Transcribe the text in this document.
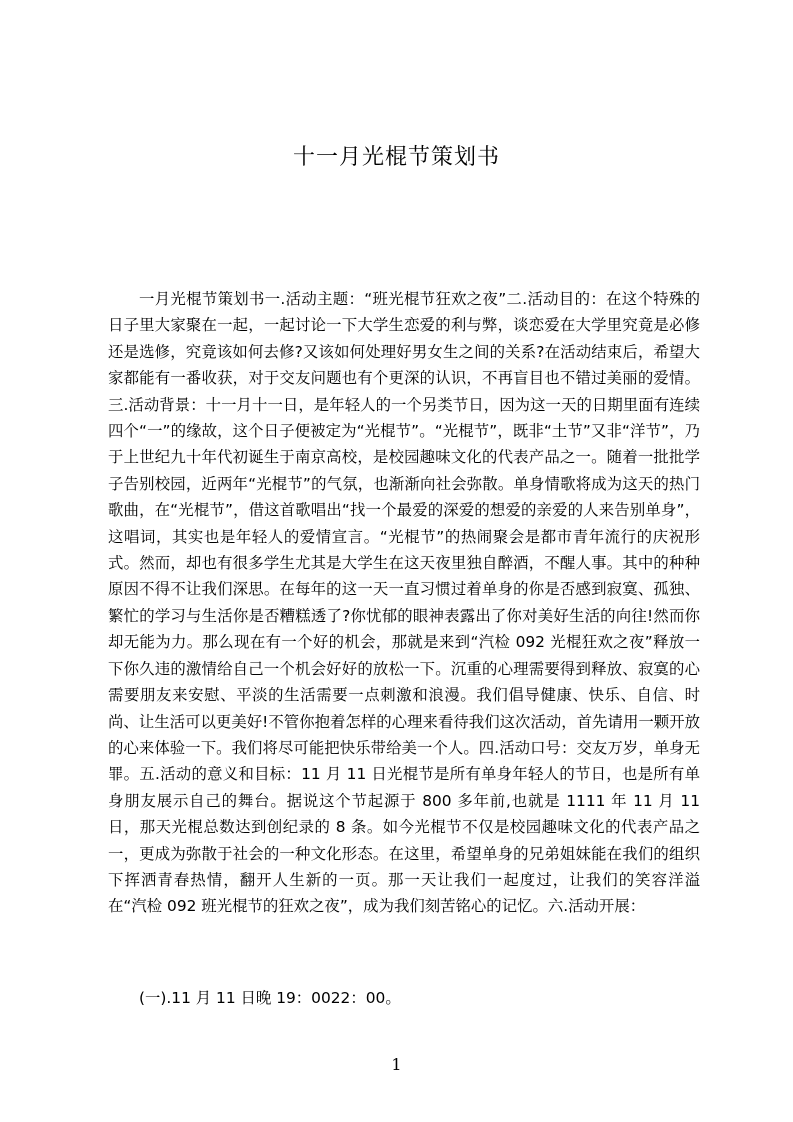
十一月光棍节策划书

一月光棍节策划书一.活动主题：“班光棍节狂欢之夜”二.活动目的：在这个特殊的日子里大家聚在一起，一起讨论一下大学生恋爱的利与弊，谈恋爱在大学里究竟是必修还是选修，究竟该如何去修?又该如何处理好男女生之间的关系?在活动结束后，希望大家都能有一番收获，对于交友问题也有个更深的认识，不再盲目也不错过美丽的爱情。三.活动背景：十一月十一日，是年轻人的一个另类节日，因为这一天的日期里面有连续四个“一”的缘故，这个日子便被定为“光棍节”。“光棍节”，既非“土节”又非“洋节”，乃于上世纪九十年代初诞生于南京高校，是校园趣味文化的代表产品之一。随着一批批学子告别校园，近两年“光棍节”的气氛，也渐渐向社会弥散。单身情歌将成为这天的热门歌曲，在“光棍节”，借这首歌唱出“找一个最爱的深爱的想爱的亲爱的人来告别单身”，这唱词，其实也是年轻人的爱情宣言。“光棍节”的热闹聚会是都市青年流行的庆祝形式。然而，却也有很多学生尤其是大学生在这天夜里独自醉酒，不醒人事。其中的种种原因不得不让我们深思。在每年的这一天一直习惯过着单身的你是否感到寂寞、孤独、繁忙的学习与生活你是否糟糕透了?你忧郁的眼神表露出了你对美好生活的向往!然而你却无能为力。那么现在有一个好的机会，那就是来到“汽检 092 光棍狂欢之夜”释放一下你久违的激情给自己一个机会好好的放松一下。沉重的心理需要得到释放、寂寞的心需要朋友来安慰、平淡的生活需要一点刺激和浪漫。我们倡导健康、快乐、自信、时尚、让生活可以更美好!不管你抱着怎样的心理来看待我们这次活动，首先请用一颗开放的心来体验一下。我们将尽可能把快乐带给美一个人。四.活动口号：交友万岁，单身无罪。五.活动的意义和目标：11 月 11 日光棍节是所有单身年轻人的节日，也是所有单身朋友展示自己的舞台。据说这个节起源于 800 多年前,也就是 1111 年 11 月 11 日，那天光棍总数达到创纪录的 8 条。如今光棍节不仅是校园趣味文化的代表产品之一，更成为弥散于社会的一种文化形态。在这里，希望单身的兄弟姐妹能在我们的组织下挥洒青春热情，翻开人生新的一页。那一天让我们一起度过，让我们的笑容洋溢在“汽检 092 班光棍节的狂欢之夜”，成为我们刻苦铭心的记忆。六.活动开展：

(一).11 月 11 日晚 19：0022：00。

1
